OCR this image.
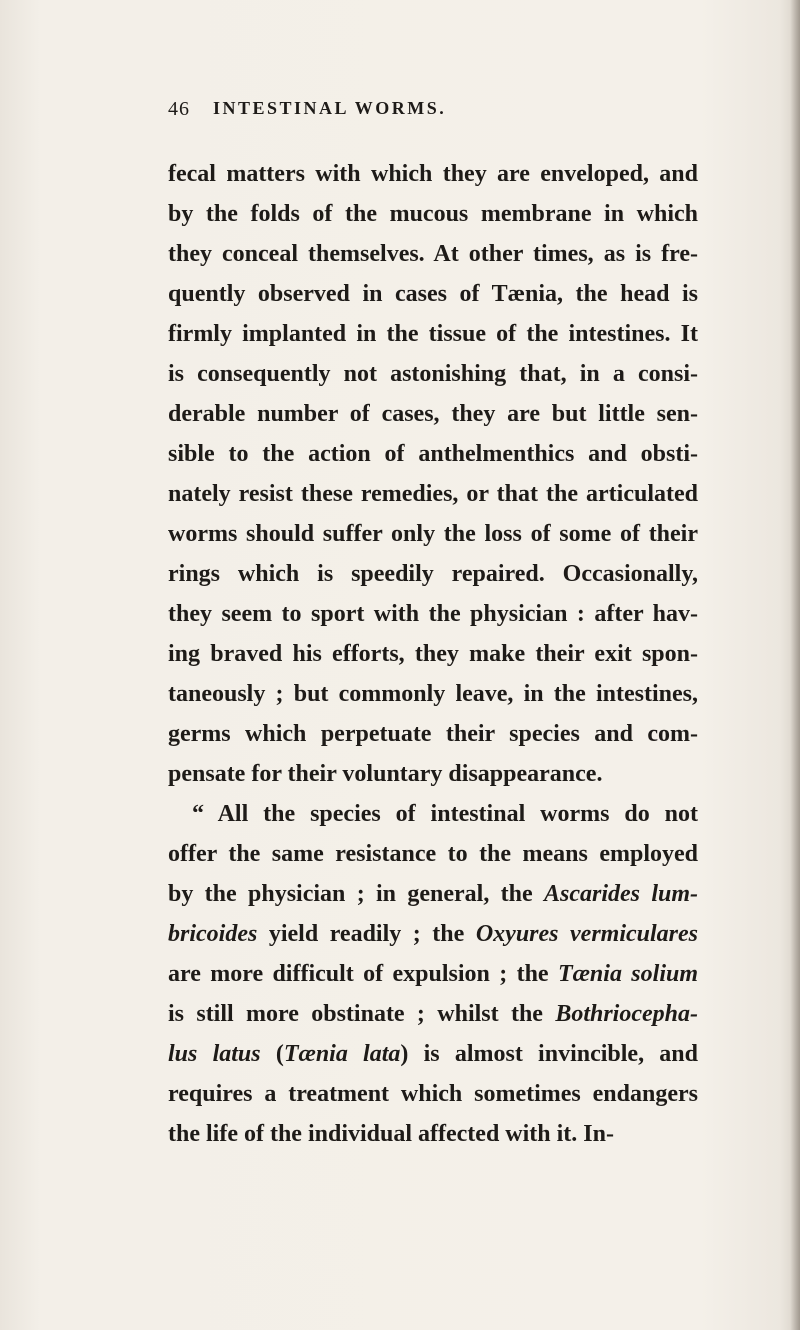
46 INTESTINAL WORMS.
fecal matters with which they are enveloped, and
by the folds of the mucous membrane in which
they conceal themselves. At other times, as is fre-
quently observed in cases of Tænia, the head is
firmly implanted in the tissue of the intestines. It
is consequently not astonishing that, in a consi-
derable number of cases, they are but little sen-
sible to the action of anthelmenthics and obsti-
nately resist these remedies, or that the articulated
worms should suffer only the loss of some of their
rings which is speedily repaired. Occasionally,
they seem to sport with the physician : after hav-
ing braved his efforts, they make their exit spon-
taneously ; but commonly leave, in the intestines,
germs which perpetuate their species and com-
pensate for their voluntary disappearance.
“ All the species of intestinal worms do not
offer the same resistance to the means employed
by the physician ; in general, the Ascarides lum-
bricoides yield readily ; the Oxyures vermiculares
are more difficult of expulsion ; the Tænia solium
is still more obstinate ; whilst the Bothriocepha-
lus latus (Tænia lata) is almost invincible, and
requires a treatment which sometimes endangers
the life of the individual affected with it. In-
